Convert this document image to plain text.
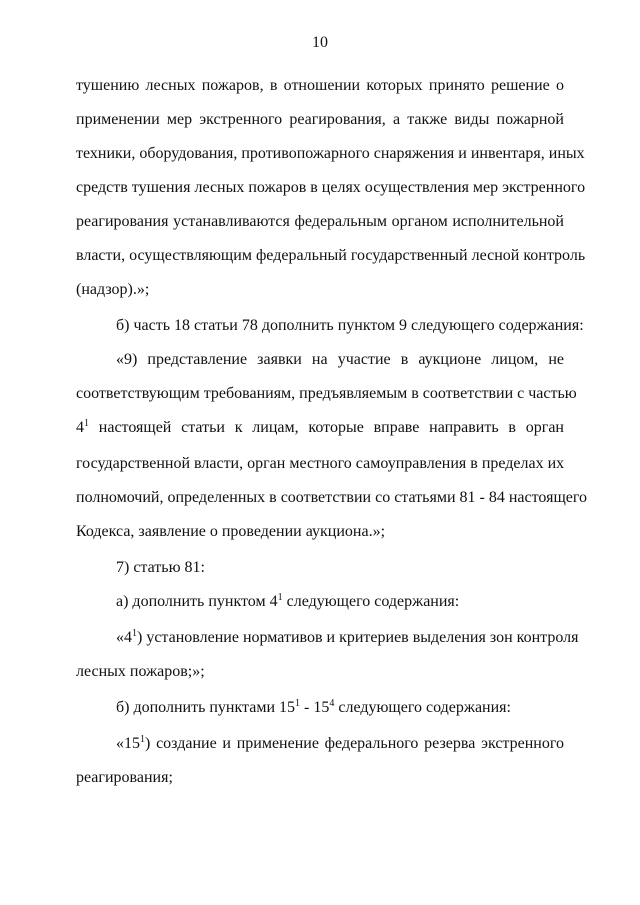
10
тушению лесных пожаров, в отношении которых принято решение о
применении мер экстренного реагирования, а также виды пожарной
техники, оборудования, противопожарного снаряжения и инвентаря, иных
средств тушения лесных пожаров в целях осуществления мер экстренного
реагирования устанавливаются федеральным органом исполнительной
власти, осуществляющим федеральный государственный лесной контроль
(надзор).»;
б) часть 18 статьи 78 дополнить пунктом 9 следующего содержания:
«9) представление заявки на участие в аукционе лицом, не
соответствующим требованиям, предъявляемым в соответствии с частью
$4^1$ настоящей статьи к лицам, которые вправе направить в орган
государственной власти, орган местного самоуправления в пределах их
полномочий, определенных в соответствии со статьями 81 - 84 настоящего
Кодекса, заявление о проведении аукциона.»;
7) статью 81:
а) дополнить пунктом $4^1$ следующего содержания:
«$4^1$) установление нормативов и критериев выделения зон контроля
лесных пожаров;»;
б) дополнить пунктами $15^1 - 15^4$ следующего содержания:
«$15^1$) создание и применение федерального резерва экстренного
реагирования;
